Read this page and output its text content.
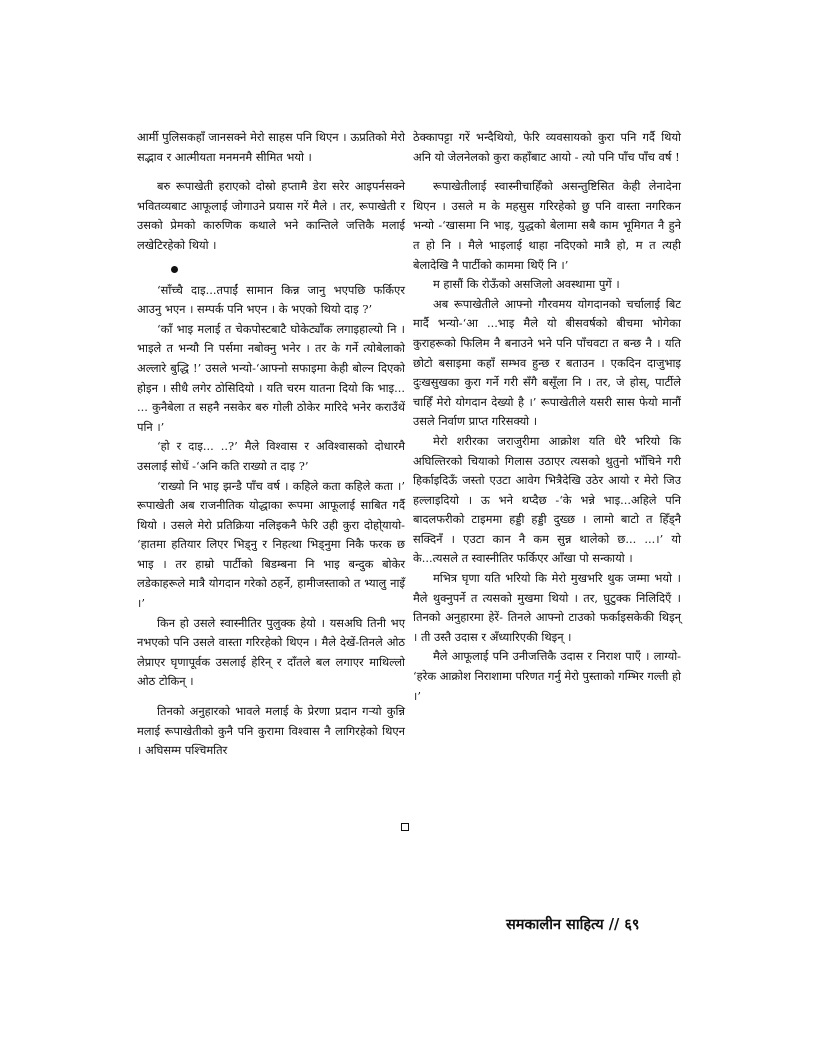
आर्मी पुलिसकहाँ जानसक्ने मेरो साहस पनि थिएन । ऊप्रतिको मेरो सद्भाव र आत्मीयता मनमनमै सीमित भयो ।

बरु रूपाखेती हराएको दोस्रो हप्तामै डेरा सरेर आइपर्नसक्ने भवितव्यबाट आफूलाई जोगाउने प्रयास गरें मैले । तर, रूपाखेती र उसको प्रेमको कारुणिक कथाले भने कान्तिले जत्तिकै मलाई लखेटिरहेको थियो ।

‘साँच्चै दाइ...तपाईं सामान किन्न जानु भएपछि फर्किएर आउनु भएन । सम्पर्क पनि भएन । के भएको थियो दाइ ?’

‘काँ भाइ मलाई त चेकपोस्टबाटै घोकेट्याँक लगाइहाल्यो नि । भाइले त भन्यौ नि पर्समा नबोक्नु भनेर । तर के गर्ने त्योबेलाको अल्लारे बुद्धि !’ उसले भन्यो-‘आफ्नो सफाइमा केही बोल्न दिएको होइन । सीधै लगेर ठोसिदियो । यति चरम यातना दियो कि भाइ... ... कुनैबेला त सहनै नसकेर बरु गोली ठोकेर मारिदे भनेर कराउँथें पनि ।’

‘हो र दाइ... ..?’ मैले विश्वास र अविश्वासको दोधारमै उसलाई सोधें -‘अनि कति राख्यो त दाइ ?’

‘राख्यो नि भाइ झन्डै पाँच वर्ष । कहिले कता कहिले कता ।’ रूपाखेती अब राजनीतिक योद्धाका रूपमा आफूलाई साबित गर्दै थियो । उसले मेरो प्रतिक्रिया नलिइकनै फेरि उही कुरा दोहो्यायो- ‘हातमा हतियार लिएर भिड्नु र निहत्था भिड्नुमा निकै फरक छ भाइ । तर हाम्रो पार्टीको बिडम्बना नि भाइ बन्दुक बोकेर लडेकाहरूले मात्रै योगदान गरेको ठहर्ने, हामीजस्ताको त भ्यालु नाइँ ।’

किन हो उसले स्वास्नीतिर पुलुक्क हेयो । यसअघि तिनी भए नभएको पनि उसले वास्ता गरिरहेको थिएन । मैले देखें-तिनले ओठ लेप्राएर घृणापूर्वक उसलाई हेरिन् र दाँतले बल लगाएर माथिल्लो ओठ टोकिन् ।

तिनको अनुहारको भावले मलाई के प्रेरणा प्रदान गर्‍यो कुन्नि मलाई रूपाखेतीको कुनै पनि कुरामा विश्वास नै लागिरहेको थिएन । अघिसम्म पश्चिमतिर

ठेक्कापट्टा गरें भन्दैथियो, फेरि व्यवसायको कुरा पनि गर्दै थियो अनि यो जेलनेलको कुरा कहाँबाट आयो - त्यो पनि पाँच पाँच वर्ष !

रूपाखेतीलाई स्वास्नीचाहिँको असन्तुष्टिसित केही लेनादेना थिएन । उसले म के महसुस गरिरहेको छु पनि वास्ता नगरिकन भन्यो -‘खासमा नि भाइ, युद्धको बेलामा सबै काम भूमिगत नै हुने त हो नि । मैले भाइलाई थाहा नदिएको मात्रै हो, म त त्यही बेलादेखि नै पार्टीको काममा थिएँ नि ।’

म हासौं कि रोऊँको असजिलो अवस्थामा पुगें ।

अब रूपाखेतीले आफ्नो गौरवमय योगदानको चर्चालाई बिट मार्दै भन्यो-‘आ ...भाइ मैले यो बीसवर्षको बीचमा भोगेका कुराहरूको फिलिम नै बनाउने भने पनि पाँचवटा त बन्छ नै । यति छोटो बसाइमा कहाँ सम्भव हुन्छ र बताउन । एकदिन दाजुभाइ दुःखसुखका कुरा गर्ने गरी सँगै बसूँला नि । तर, जे होस्, पार्टीले चाहिँ मेरो योगदान देख्यो है ।’ रूपाखेतीले यसरी सास फेयो मानौं उसले निर्वाण प्राप्त गरिसक्यो ।

मेरो शरीरका जराजुरीमा आक्रोश यति धेरै भरियो कि अघिल्तिरको चियाको गिलास उठाएर त्यसको थुतुनो भाँचिने गरी हिर्काइदिऊँ जस्तो एउटा आवेग भित्रैदेखि उठेर आयो र मेरो जिउ हल्लाइदियो । ऊ भने थप्दैछ -‘के भन्ने भाइ...अहिले पनि बादलफरीको टाइममा हड्डी हड्डी दुख्छ । लामो बाटो त हिँड्नै सक्दिनँ । एउटा कान नै कम सुन्न थालेको छ... ...।’ यो के...त्यसले त स्वास्नीतिर फर्किएर आँखा पो सन्कायो ।

मभित्र घृणा यति भरियो कि मेरो मुखभरि थुक जम्मा भयो । मैले थुक्नुपर्ने त त्यसको मुखमा थियो । तर, घुटुक्क निलिदिएँ । तिनको अनुहारमा हेरें- तिनले आफ्नो टाउको फर्काइसकेकी थिइन् । ती उस्तै उदास र अँध्यारिएकी थिइन् ।

मैले आफूलाई पनि उनीजत्तिकै उदास र निराश पाएँ । लाग्यो- ‘हरेक आक्रोश निराशामा परिणत गर्नु मेरो पुस्ताको गम्भिर गल्ती हो ।’

समकालीन साहित्य // ६९
